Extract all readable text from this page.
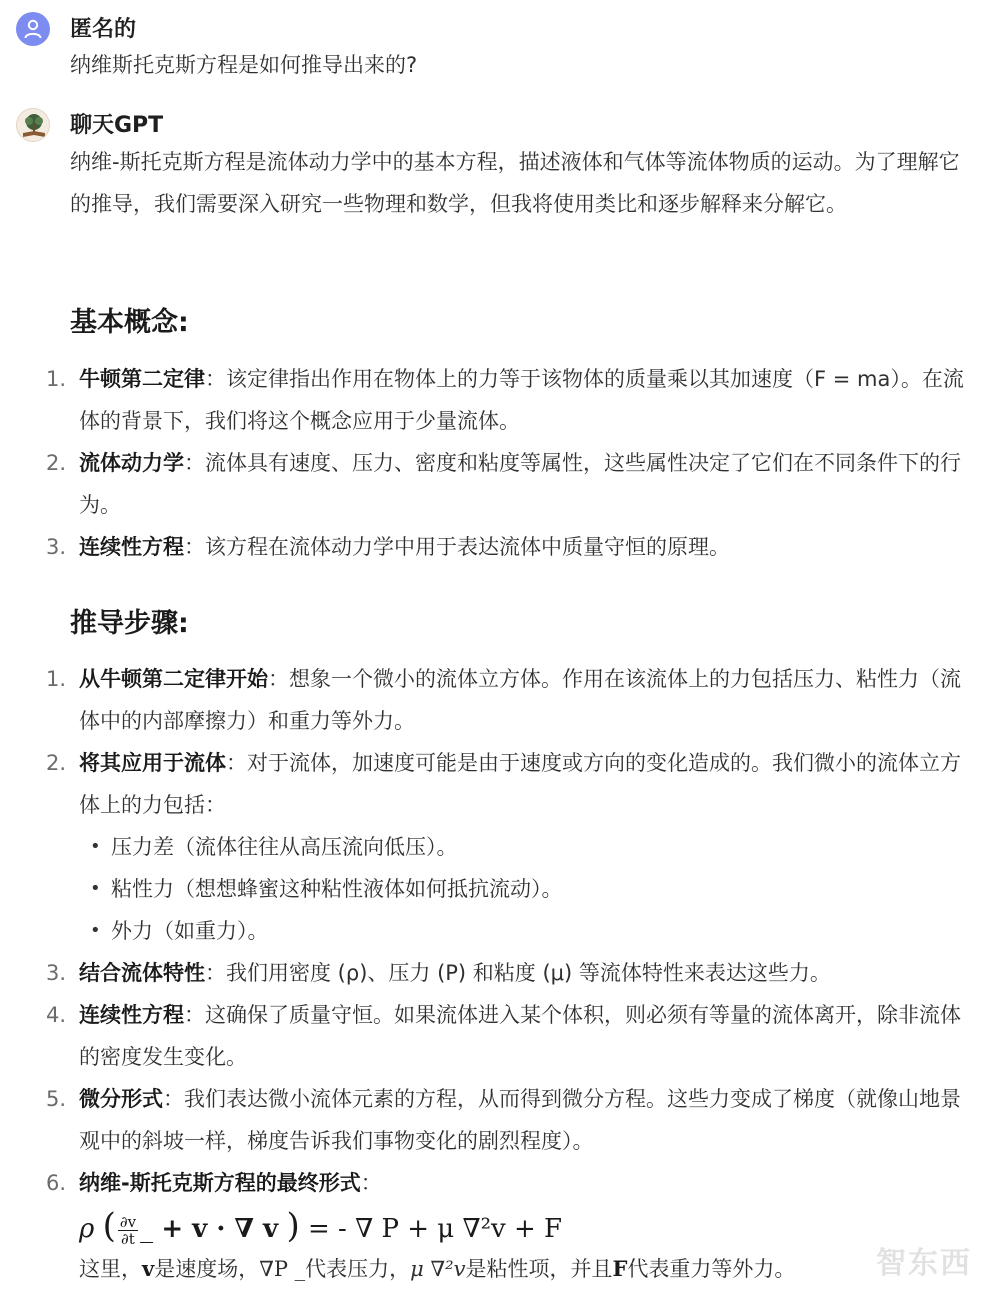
匿名的
纳维斯托克斯方程是如何推导出来的?
聊天GPT
纳维-斯托克斯方程是流体动力学中的基本方程，描述液体和气体等流体物质的运动。为了理解它的推导，我们需要深入研究一些物理和数学，但我将使用类比和逐步解释来分解它。
基本概念:
1. 牛顿第二定律：该定律指出作用在物体上的力等于该物体的质量乘以其加速度（F = ma）。在流体的背景下，我们将这个概念应用于少量流体。
2. 流体动力学：流体具有速度、压力、密度和粘度等属性，这些属性决定了它们在不同条件下的行为。
3. 连续性方程：该方程在流体动力学中用于表达流体中质量守恒的原理。
推导步骤:
1. 从牛顿第二定律开始：想象一个微小的流体立方体。作用在该流体上的力包括压力、粘性力（流体中的内部摩擦力）和重力等外力。
2. 将其应用于流体：对于流体，加速度可能是由于速度或方向的变化造成的。我们微小的流体立方体上的力包括：
• 压力差（流体往往从高压流向低压）。
• 粘性力（想想蜂蜜这种粘性液体如何抵抗流动）。
• 外力（如重力）。
3. 结合流体特性：我们用密度 (ρ)、压力 (P) 和粘度 (μ) 等流体特性来表达这些力。
4. 连续性方程：这确保了质量守恒。如果流体进入某个体积，则必须有等量的流体离开，除非流体的密度发生变化。
5. 微分形式：我们表达微小流体元素的方程，从而得到微分方程。这些力变成了梯度（就像山地景观中的斜坡一样，梯度告诉我们事物变化的剧烈程度）。
6. 纳维-斯托克斯方程的最终形式：
ρ ( $\frac{\partial v}{\partial t}$ _ + v · ∇ v ) = - ∇ P + μ ∇²v + F
这里，v是速度场，∇P _代表压力，μ ∇²v是粘性项，并且F代表重力等外力。	智东西
